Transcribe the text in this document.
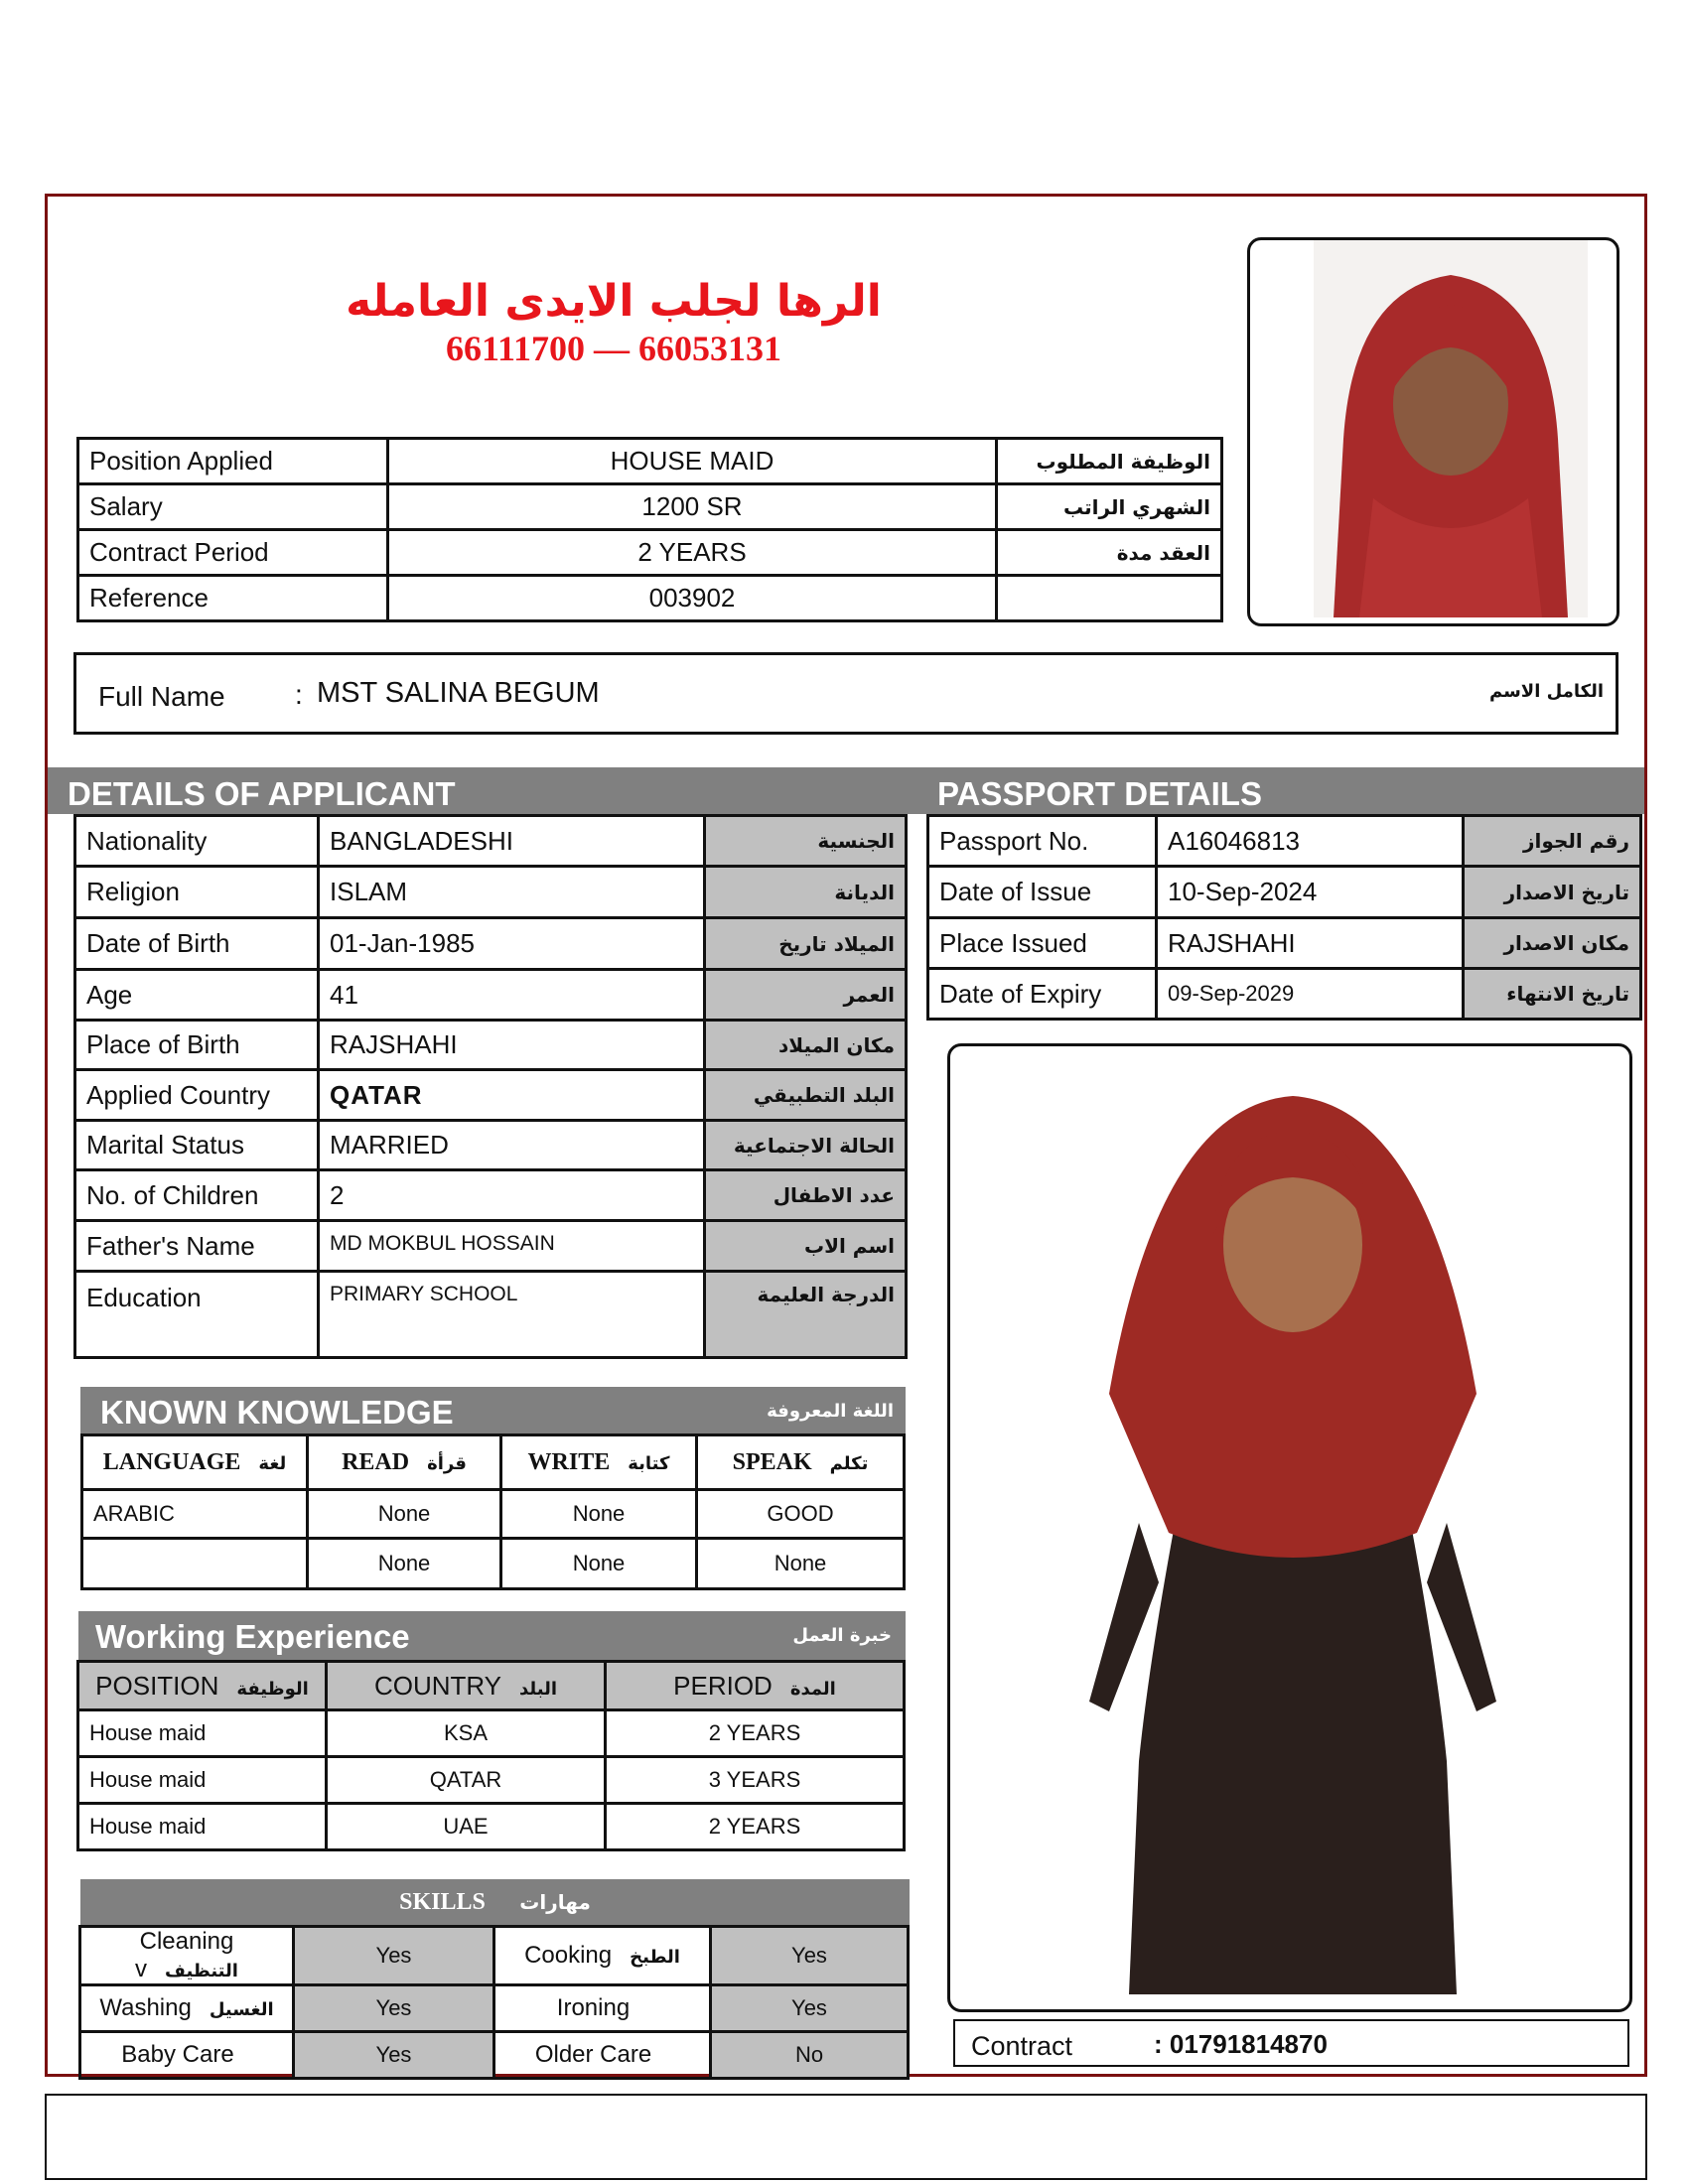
الرها لجلب الايدى العامله
66111700 — 66053131
Position Applied	HOUSE MAID	الوظيفة المطلوب
Salary	1200 SR	الشهري الراتب
Contract Period	2 YEARS	العقد مدة
Reference	003902	
Full Name	: MST SALINA BEGUM	الكامل الاسم
DETAILS OF APPLICANT	PASSPORT DETAILS
Nationality	BANGLADESHI	الجنسية
Religion	ISLAM	الديانة
Date of Birth	01-Jan-1985	الميلاد تاريخ
Age	41	العمر
Place of Birth	RAJSHAHI	مكان الميلاد
Applied Country	QATAR	البلد التطبيقي
Marital Status	MARRIED	الحالة الاجتماعية
No. of Children	2	عدد الاطفال
Father's Name	MD MOKBUL HOSSAIN	اسم الاب
Education	PRIMARY SCHOOL	الدرجة العليمة
Passport No.	A16046813	رقم الجواز
Date of Issue	10-Sep-2024	تاريخ الاصدار
Place Issued	RAJSHAHI	مكان الاصدار
Date of Expiry	09-Sep-2029	تاريخ الانتهاء
Contract	: 01791814870
KNOWN KNOWLEDGE	اللغة المعروفة
LANGUAGE لغة	READ قرأة	WRITE كتابة	SPEAK تكلم
ARABIC	None	None	GOOD
	None	None	None
Working Experience	خبرة العمل
POSITION الوظيفة	COUNTRY البلد	PERIOD المدة
House maid	KSA	2 YEARS
House maid	QATAR	3 YEARS
House maid	UAE	2 YEARS
SKILLS مهارات
Cleaning v التنظيف	Yes	Cooking الطبخ	Yes
Washing الغسيل	Yes	Ironing	Yes
Baby Care	Yes	Older Care	No
